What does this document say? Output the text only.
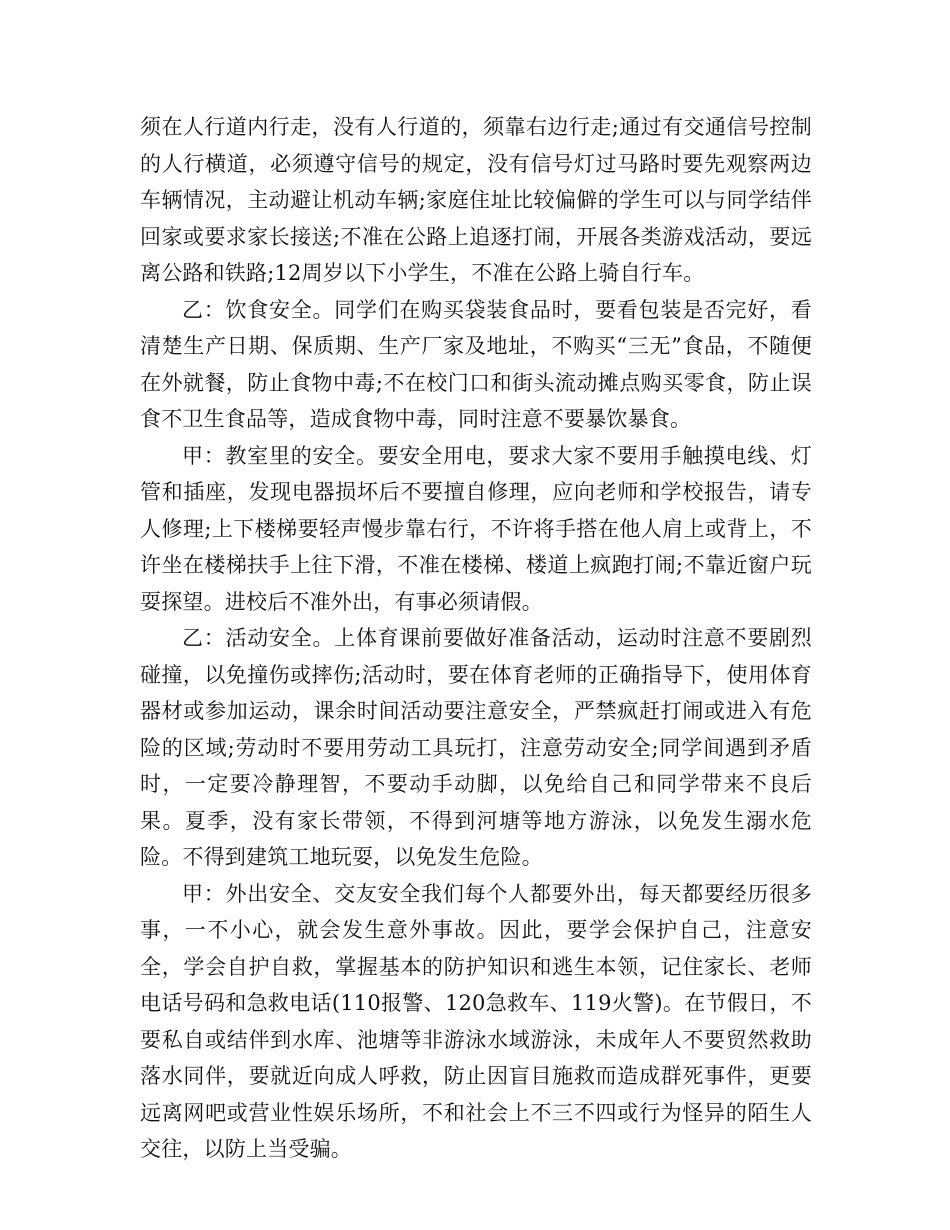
须在人行道内行走，没有人行道的，须靠右边行走;通过有交通信号控制的人行横道，必须遵守信号的规定，没有信号灯过马路时要先观察两边车辆情况，主动避让机动车辆;家庭住址比较偏僻的学生可以与同学结伴回家或要求家长接送;不准在公路上追逐打闹，开展各类游戏活动，要远离公路和铁路;12周岁以下小学生，不准在公路上骑自行车。

乙：饮食安全。同学们在购买袋装食品时，要看包装是否完好，看清楚生产日期、保质期、生产厂家及地址，不购买“三无”食品，不随便在外就餐，防止食物中毒;不在校门口和街头流动摊点购买零食，防止误食不卫生食品等，造成食物中毒，同时注意不要暴饮暴食。

甲：教室里的安全。要安全用电，要求大家不要用手触摸电线、灯管和插座，发现电器损坏后不要擅自修理，应向老师和学校报告，请专人修理;上下楼梯要轻声慢步靠右行，不许将手搭在他人肩上或背上，不许坐在楼梯扶手上往下滑，不准在楼梯、楼道上疯跑打闹;不靠近窗户玩耍探望。进校后不准外出，有事必须请假。

乙：活动安全。上体育课前要做好准备活动，运动时注意不要剧烈碰撞，以免撞伤或摔伤;活动时，要在体育老师的正确指导下，使用体育器材或参加运动，课余时间活动要注意安全，严禁疯赶打闹或进入有危险的区域;劳动时不要用劳动工具玩打，注意劳动安全;同学间遇到矛盾时，一定要冷静理智，不要动手动脚，以免给自己和同学带来不良后果。夏季，没有家长带领，不得到河塘等地方游泳，以免发生溺水危险。不得到建筑工地玩耍，以免发生危险。

甲：外出安全、交友安全我们每个人都要外出，每天都要经历很多事，一不小心，就会发生意外事故。因此，要学会保护自己，注意安全，学会自护自救，掌握基本的防护知识和逃生本领，记住家长、老师电话号码和急救电话(110报警、120急救车、119火警)。在节假日，不要私自或结伴到水库、池塘等非游泳水域游泳，未成年人不要贸然救助落水同伴，要就近向成人呼救，防止因盲目施救而造成群死事件，更要远离网吧或营业性娱乐场所，不和社会上不三不四或行为怪异的陌生人交往，以防上当受骗。
